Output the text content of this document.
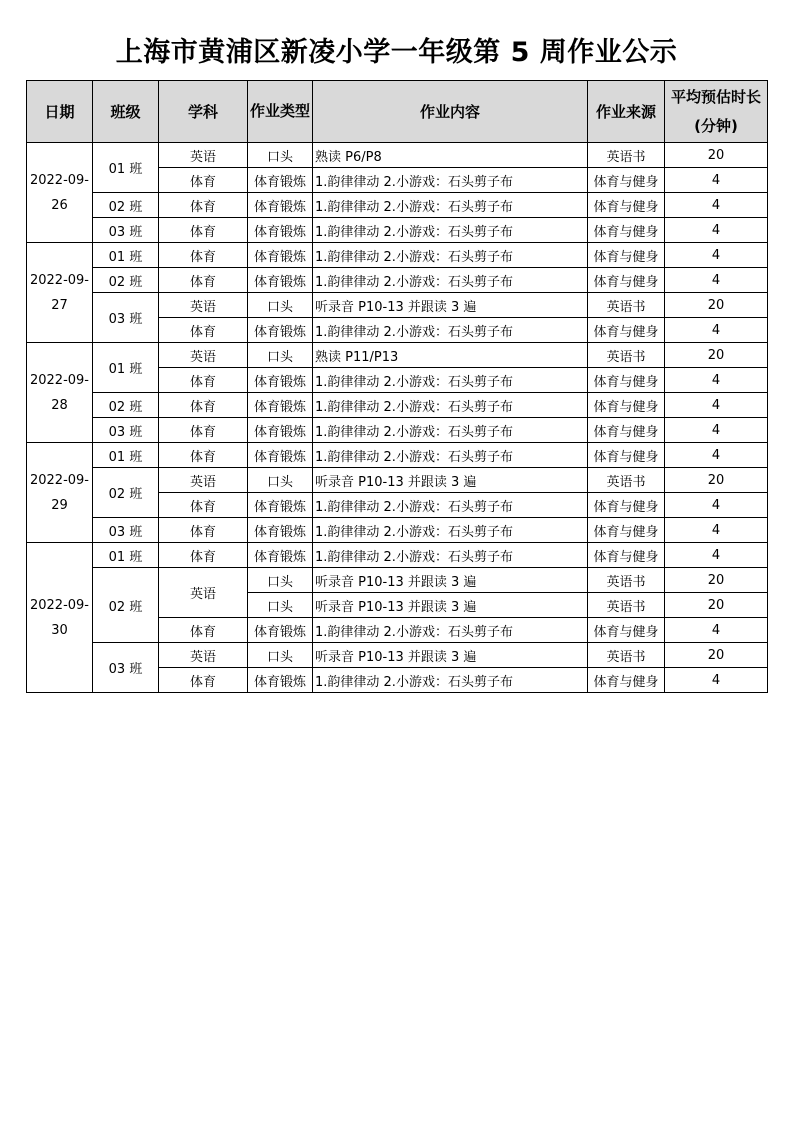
上海市黄浦区新凌小学一年级第 5 周作业公示
日期	班级	学科	作业类型	作业内容	作业来源	平均预估时长(分钟)
2022-09-26	01 班	英语	口头	熟读 P6/P8	英语书	20
		体育	体育锻炼	1.韵律律动 2.小游戏：石头剪子布	体育与健身	4
	02 班	体育	体育锻炼	1.韵律律动 2.小游戏：石头剪子布	体育与健身	4
	03 班	体育	体育锻炼	1.韵律律动 2.小游戏：石头剪子布	体育与健身	4
2022-09-27	01 班	体育	体育锻炼	1.韵律律动 2.小游戏：石头剪子布	体育与健身	4
	02 班	体育	体育锻炼	1.韵律律动 2.小游戏：石头剪子布	体育与健身	4
	03 班	英语	口头	听录音 P10-13 并跟读 3 遍	英语书	20
		体育	体育锻炼	1.韵律律动 2.小游戏：石头剪子布	体育与健身	4
2022-09-28	01 班	英语	口头	熟读 P11/P13	英语书	20
		体育	体育锻炼	1.韵律律动 2.小游戏：石头剪子布	体育与健身	4
	02 班	体育	体育锻炼	1.韵律律动 2.小游戏：石头剪子布	体育与健身	4
	03 班	体育	体育锻炼	1.韵律律动 2.小游戏：石头剪子布	体育与健身	4
2022-09-29	01 班	体育	体育锻炼	1.韵律律动 2.小游戏：石头剪子布	体育与健身	4
	02 班	英语	口头	听录音 P10-13 并跟读 3 遍	英语书	20
		体育	体育锻炼	1.韵律律动 2.小游戏：石头剪子布	体育与健身	4
	03 班	体育	体育锻炼	1.韵律律动 2.小游戏：石头剪子布	体育与健身	4
2022-09-30	01 班	体育	体育锻炼	1.韵律律动 2.小游戏：石头剪子布	体育与健身	4
	02 班	英语	口头	听录音 P10-13 并跟读 3 遍	英语书	20
			口头	听录音 P10-13 并跟读 3 遍	英语书	20
		体育	体育锻炼	1.韵律律动 2.小游戏：石头剪子布	体育与健身	4
	03 班	英语	口头	听录音 P10-13 并跟读 3 遍	英语书	20
		体育	体育锻炼	1.韵律律动 2.小游戏：石头剪子布	体育与健身	4
